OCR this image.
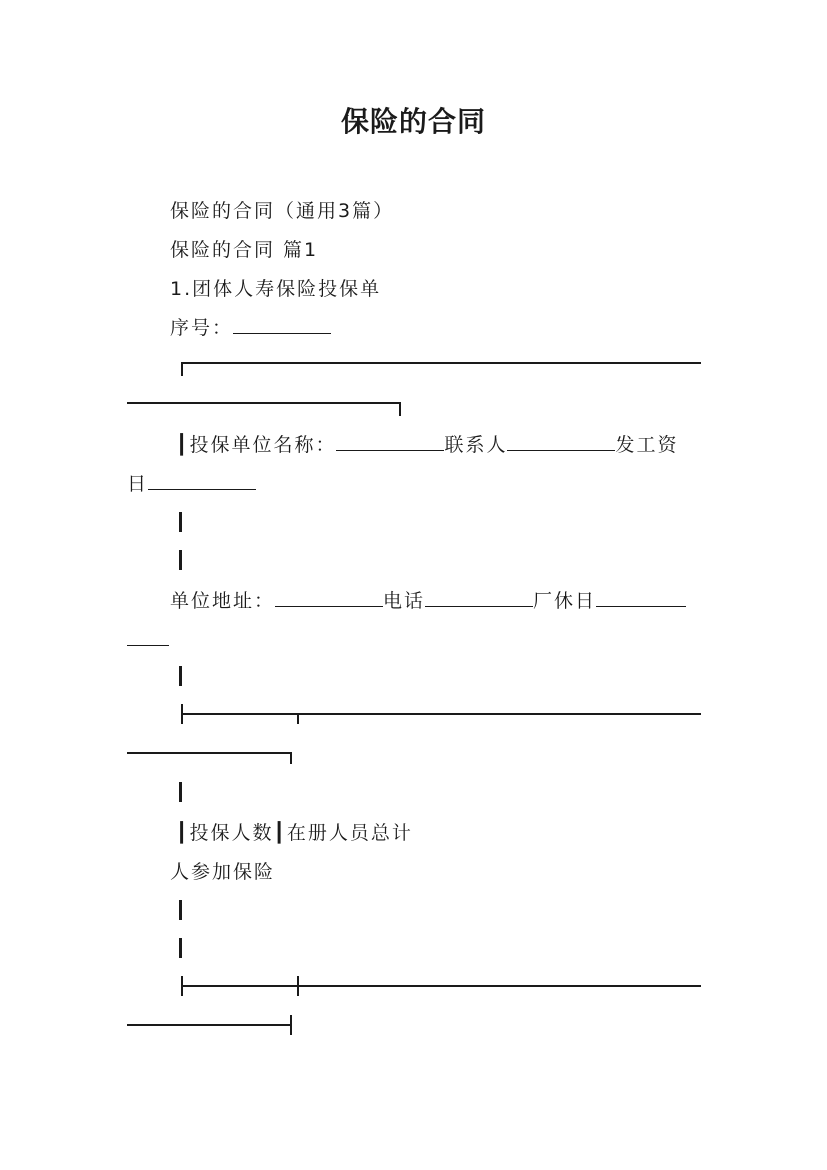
保险的合同
保险的合同（通用3篇）
保险的合同 篇1
1.团体人寿保险投保单
序号：
┃投保单位名称：	联系人	发工资
日
单位地址：	电话	厂休日
┃投保人数┃在册人员总计
人参加保险
